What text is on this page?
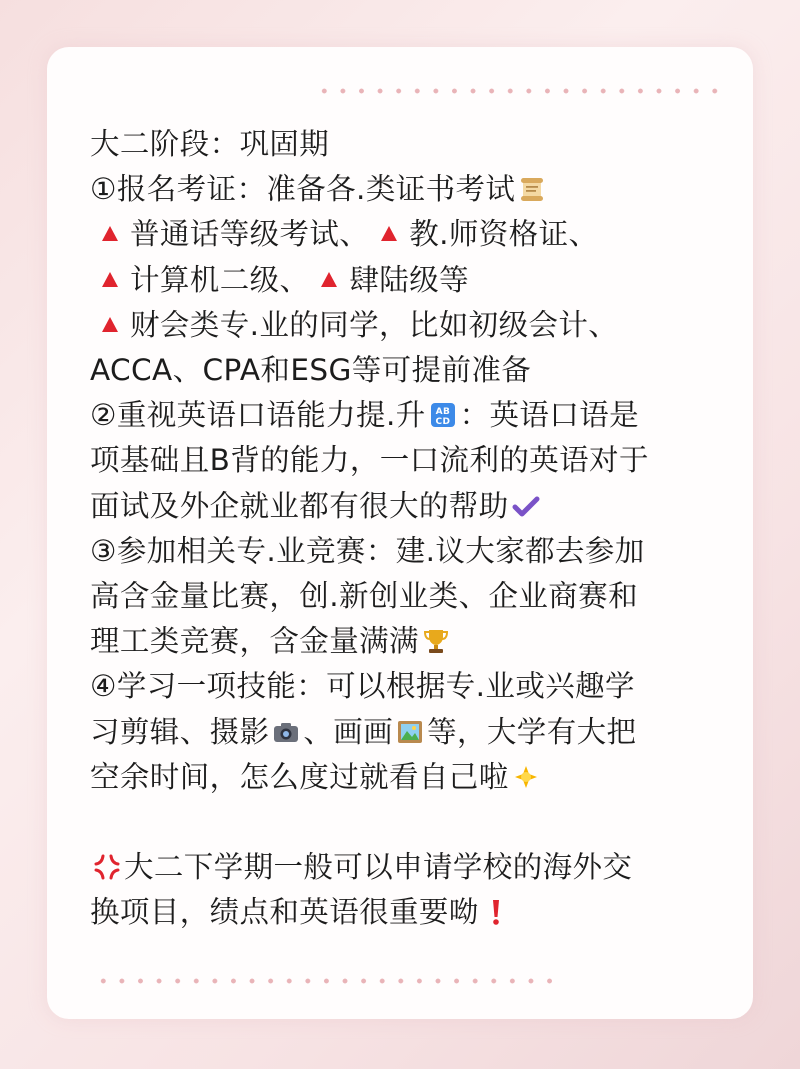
大二阶段：巩固期
①报名考证：准备各.类证书考试
普通话等级考试、 教.师资格证、
计算机二级、 肆陆级等
财会类专.业的同学，比如初级会计、
ACCA、CPA和ESG等可提前准备
②重视英语口语能力提.升 AB
CD ：英语口语是
项基础且B背的能力，一口流利的英语对于
面试及外企就业都有很大的帮助
③参加相关专.业竞赛：建.议大家都去参加
高含金量比赛，创.新创业类、企业商赛和
理工类竞赛，含金量满满
④学习一项技能：可以根据专.业或兴趣学
习剪辑、摄影 、画画 等，大学有大把
空余时间，怎么度过就看自己啦
大二下学期一般可以申请学校的海外交
换项目，绩点和英语很重要呦
